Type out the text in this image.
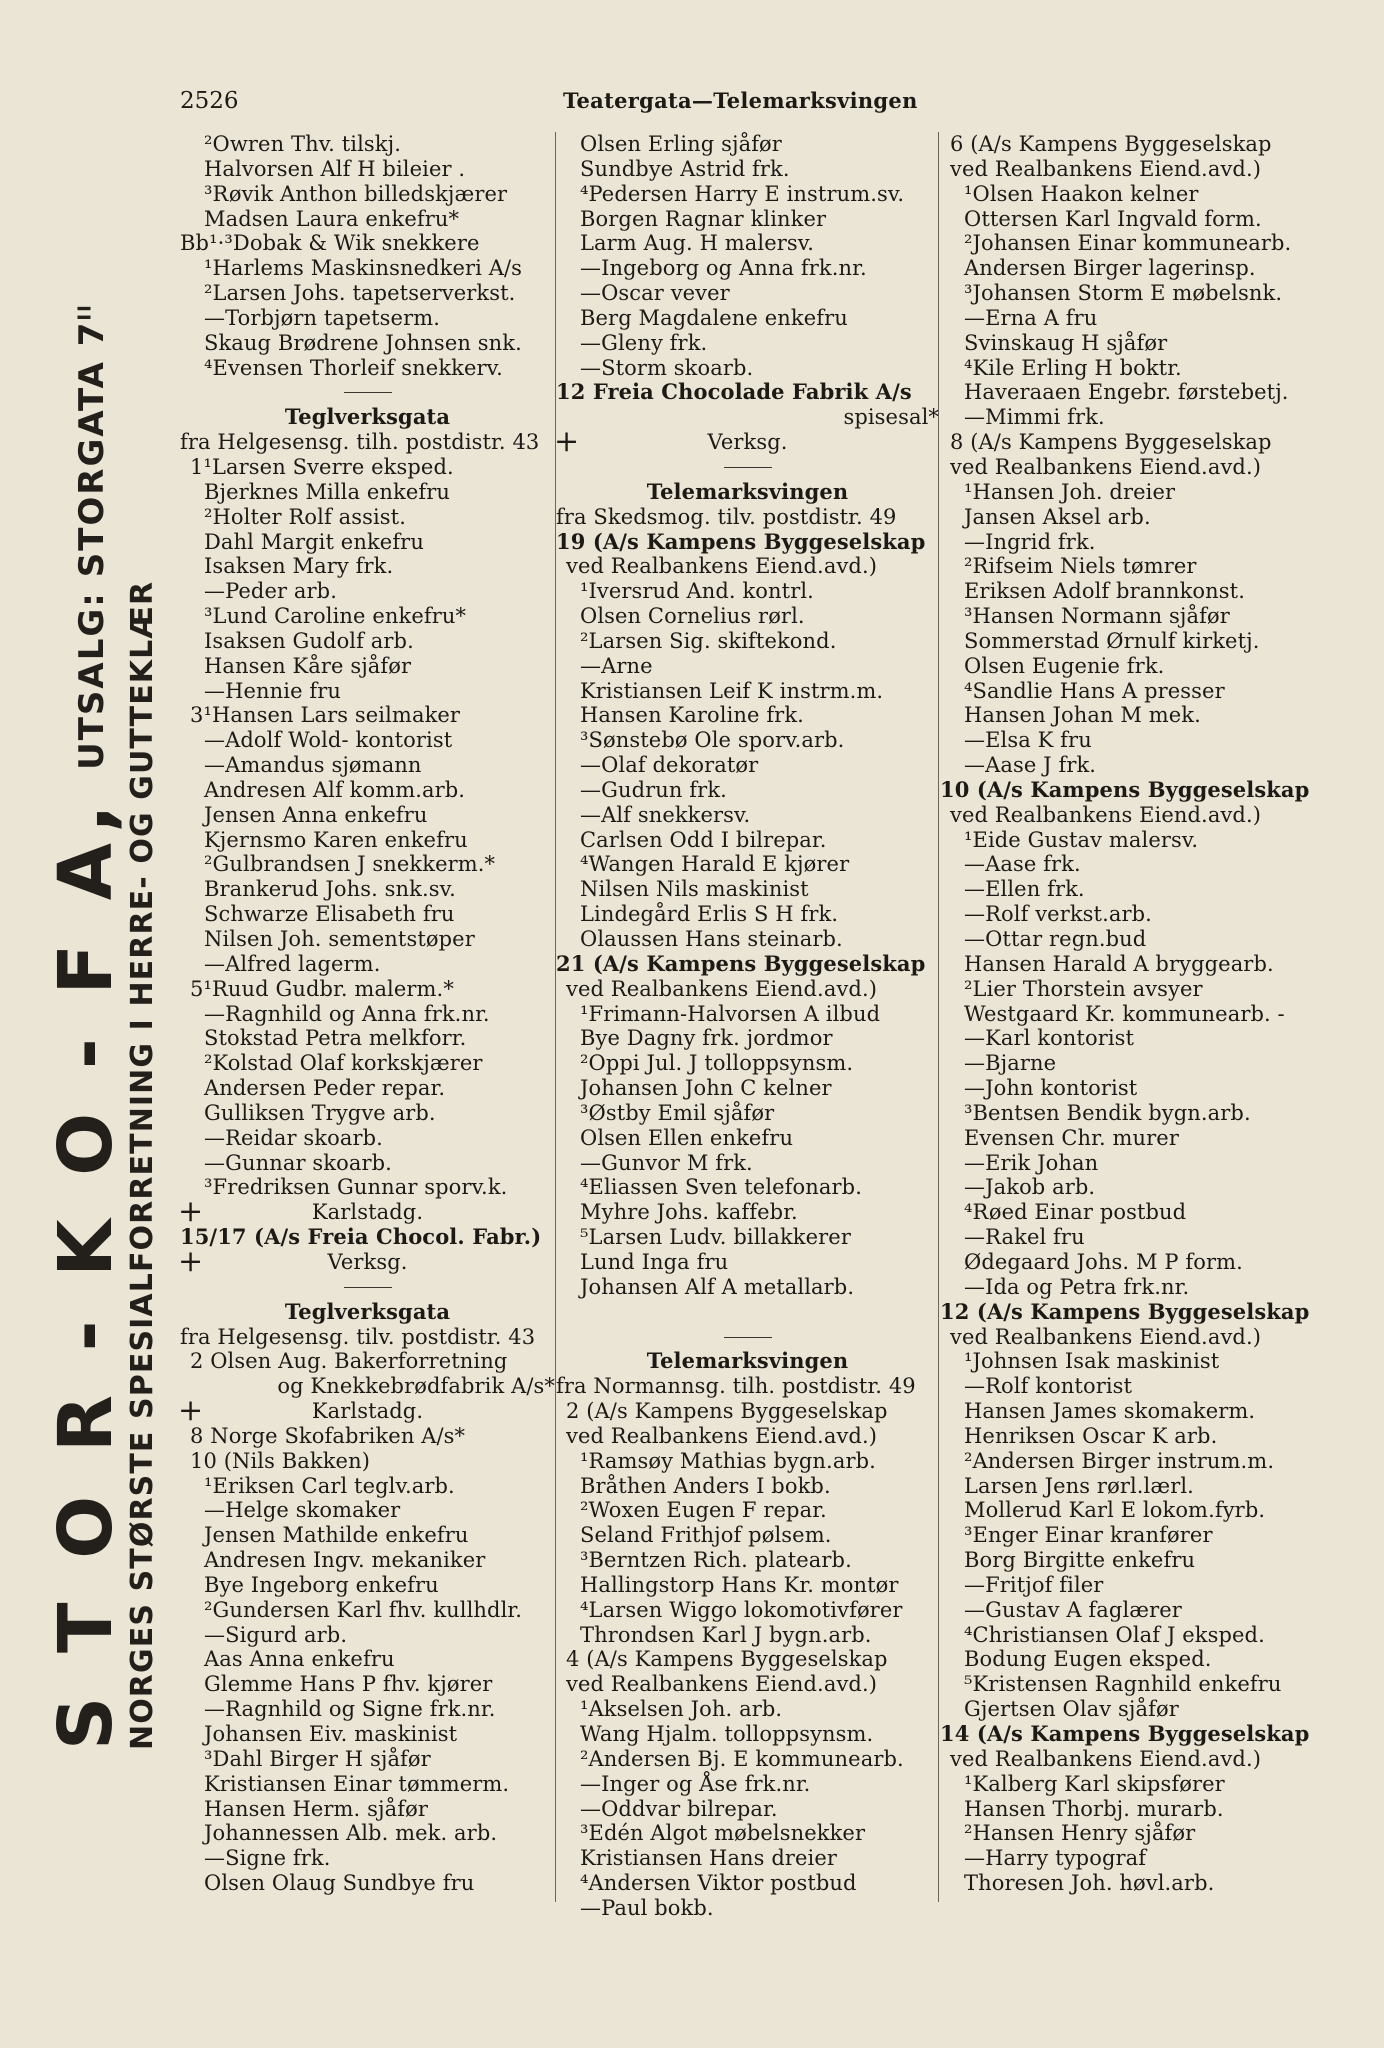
2526	Teatergata—Telemarksvingen
S T O R - K O - F A, UTSALG: STORGATA $7^{II}$
NORGES STØRSTE SPESIALFORRETNING I HERRE- OG GUTTEKLÆR
²Owren Thv. tilskj.
Halvorsen Alf H bileier .
³Røvik Anthon billedskjærer
Madsen Laura enkefru*
Bb¹·³Dobak & Wik snekkere
¹Harlems Maskinsnedkeri A/s
²Larsen Johs. tapetserverkst.
—Torbjørn tapetserm.
Skaug Brødrene Johnsen snk.
⁴Evensen Thorleif snekkerv.
Teglverksgata
fra Helgesensg. tilh. postdistr. 43
1¹Larsen Sverre eksped.
Bjerknes Milla enkefru
²Holter Rolf assist.
Dahl Margit enkefru
Isaksen Mary frk.
—Peder arb.
³Lund Caroline enkefru*
Isaksen Gudolf arb.
Hansen Kåre sjåfør
—Hennie fru
3¹Hansen Lars seilmaker
—Adolf Wold- kontorist
—Amandus sjømann
Andresen Alf komm.arb.
Jensen Anna enkefru
Kjernsmo Karen enkefru
²Gulbrandsen J snekkerm.*
Brankerud Johs. snk.sv.
Schwarze Elisabeth fru
Nilsen Joh. sementstøper
—Alfred lagerm.
5¹Ruud Gudbr. malerm.*
—Ragnhild og Anna frk.nr.
Stokstad Petra melkforr.
²Kolstad Olaf korkskjærer
Andersen Peder repar.
Gulliksen Trygve arb.
—Reidar skoarb.
—Gunnar skoarb.
³Fredriksen Gunnar sporv.k.
+	Karlstadg.
15/17 (A/s Freia Chocol. Fabr.)
+	Verksg.
Teglverksgata
fra Helgesensg. tilv. postdistr. 43
2 Olsen Aug. Bakerforretning
og Knekkebrødfabrik A/s*
+	Karlstadg.
8 Norge Skofabriken A/s*
10 (Nils Bakken)
¹Eriksen Carl teglv.arb.
—Helge skomaker
Jensen Mathilde enkefru
Andresen Ingv. mekaniker
Bye Ingeborg enkefru
²Gundersen Karl fhv. kullhdlr.
—Sigurd arb.
Aas Anna enkefru
Glemme Hans P fhv. kjører
—Ragnhild og Signe frk.nr.
Johansen Eiv. maskinist
³Dahl Birger H sjåfør
Kristiansen Einar tømmerm.
Hansen Herm. sjåfør
Johannessen Alb. mek. arb.
—Signe frk.
Olsen Olaug Sundbye fru
Olsen Erling sjåfør
Sundbye Astrid frk.
⁴Pedersen Harry E instrum.sv.
Borgen Ragnar klinker
Larm Aug. H malersv.
—Ingeborg og Anna frk.nr.
—Oscar vever
Berg Magdalene enkefru
—Gleny frk.
—Storm skoarb.
12 Freia Chocolade Fabrik A/s
spisesal*
+	Verksg.
Telemarksvingen
fra Skedsmog. tilv. postdistr. 49
19 (A/s Kampens Byggeselskap
ved Realbankens Eiend.avd.)
¹Iversrud And. kontrl.
Olsen Cornelius rørl.
²Larsen Sig. skiftekond.
—Arne
Kristiansen Leif K instrm.m.
Hansen Karoline frk.
³Sønstebø Ole sporv.arb.
—Olaf dekoratør
—Gudrun frk.
—Alf snekkersv.
Carlsen Odd I bilrepar.
⁴Wangen Harald E kjører
Nilsen Nils maskinist
Lindegård Erlis S H frk.
Olaussen Hans steinarb.
21 (A/s Kampens Byggeselskap
ved Realbankens Eiend.avd.)
¹Frimann-Halvorsen A ilbud
Bye Dagny frk. jordmor
²Oppi Jul. J tolloppsynsm.
Johansen John C kelner
³Østby Emil sjåfør
Olsen Ellen enkefru
—Gunvor M frk.
⁴Eliassen Sven telefonarb.
Myhre Johs. kaffebr.
⁵Larsen Ludv. billakkerer
Lund Inga fru
Johansen Alf A metallarb.
Telemarksvingen
fra Normannsg. tilh. postdistr. 49
2 (A/s Kampens Byggeselskap
ved Realbankens Eiend.avd.)
¹Ramsøy Mathias bygn.arb.
Bråthen Anders I bokb.
²Woxen Eugen F repar.
Seland Frithjof pølsem.
³Berntzen Rich. platearb.
Hallingstorp Hans Kr. montør
⁴Larsen Wiggo lokomotivfører
Throndsen Karl J bygn.arb.
4 (A/s Kampens Byggeselskap
ved Realbankens Eiend.avd.)
¹Akselsen Joh. arb.
Wang Hjalm. tolloppsynsm.
²Andersen Bj. E kommunearb.
—Inger og Åse frk.nr.
—Oddvar bilrepar.
³Edén Algot møbelsnekker
Kristiansen Hans dreier
⁴Andersen Viktor postbud
—Paul bokb.
6 (A/s Kampens Byggeselskap
ved Realbankens Eiend.avd.)
¹Olsen Haakon kelner
Ottersen Karl Ingvald form.
²Johansen Einar kommunearb.
Andersen Birger lagerinsp.
³Johansen Storm E møbelsnk.
—Erna A fru
Svinskaug H sjåfør
⁴Kile Erling H boktr.
Haveraaen Engebr. førstebetj.
—Mimmi frk.
8 (A/s Kampens Byggeselskap
ved Realbankens Eiend.avd.)
¹Hansen Joh. dreier
Jansen Aksel arb.
—Ingrid frk.
²Rifseim Niels tømrer
Eriksen Adolf brannkonst.
³Hansen Normann sjåfør
Sommerstad Ørnulf kirketj.
Olsen Eugenie frk.
⁴Sandlie Hans A presser
Hansen Johan M mek.
—Elsa K fru
—Aase J frk.
10 (A/s Kampens Byggeselskap
ved Realbankens Eiend.avd.)
¹Eide Gustav malersv.
—Aase frk.
—Ellen frk.
—Rolf verkst.arb.
—Ottar regn.bud
Hansen Harald A bryggearb.
²Lier Thorstein avsyer
Westgaard Kr. kommunearb. -
—Karl kontorist
—Bjarne
—John kontorist
³Bentsen Bendik bygn.arb.
Evensen Chr. murer
—Erik Johan
—Jakob arb.
⁴Røed Einar postbud
—Rakel fru
Ødegaard Johs. M P form.
—Ida og Petra frk.nr.
12 (A/s Kampens Byggeselskap
ved Realbankens Eiend.avd.)
¹Johnsen Isak maskinist
—Rolf kontorist
Hansen James skomakerm.
Henriksen Oscar K arb.
²Andersen Birger instrum.m.
Larsen Jens rørl.lærl.
Mollerud Karl E lokom.fyrb.
³Enger Einar kranfører
Borg Birgitte enkefru
—Fritjof filer
—Gustav A faglærer
⁴Christiansen Olaf J eksped.
Bodung Eugen eksped.
⁵Kristensen Ragnhild enkefru
Gjertsen Olav sjåfør
14 (A/s Kampens Byggeselskap
ved Realbankens Eiend.avd.)
¹Kalberg Karl skipsfører
Hansen Thorbj. murarb.
²Hansen Henry sjåfør
—Harry typograf
Thoresen Joh. høvl.arb.
